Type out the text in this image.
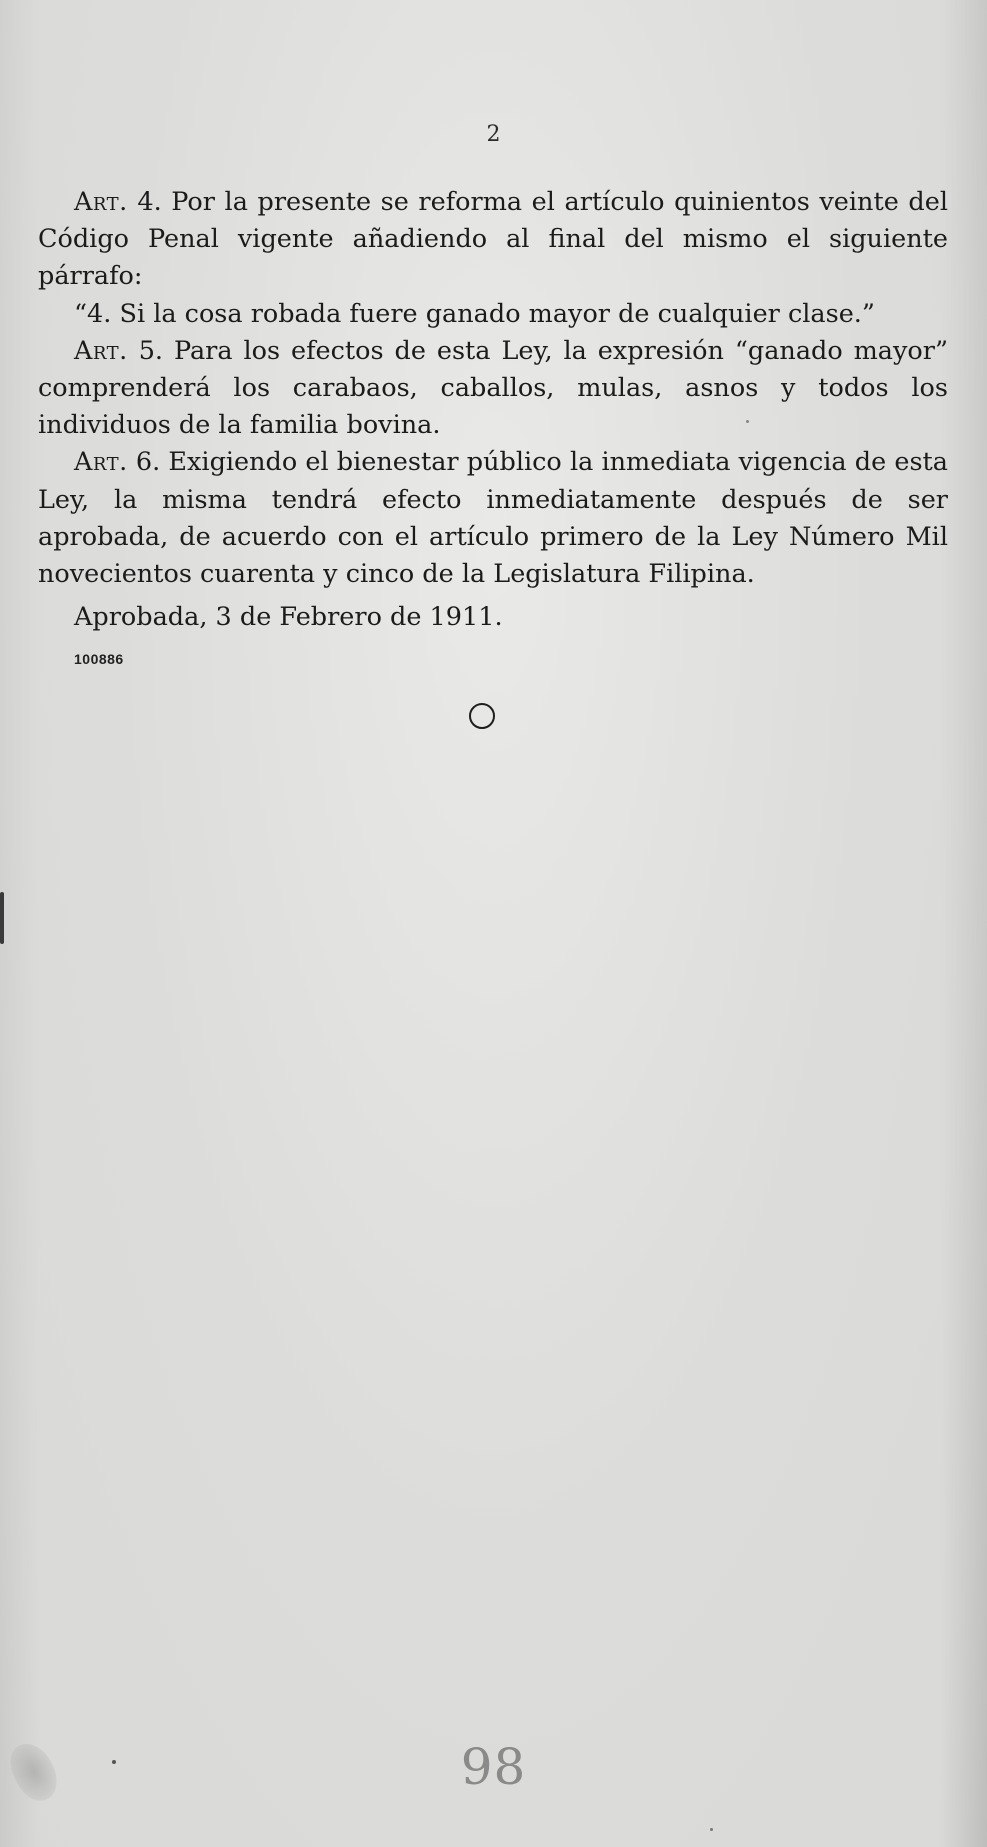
2

Art. 4. Por la presente se reforma el artículo quinientos veinte del Código Penal vigente añadiendo al final del mismo el siguiente párrafo:

“4. Si la cosa robada fuere ganado mayor de cualquier clase.”

Art. 5. Para los efectos de esta Ley, la expresión “ganado mayor” comprenderá los carabaos, caballos, mulas, asnos y todos los individuos de la familia bovina.

Art. 6. Exigiendo el bienestar público la inmediata vigencia de esta Ley, la misma tendrá efecto inmediatamente después de ser aprobada, de acuerdo con el artículo primero de la Ley Número Mil novecientos cuarenta y cinco de la Legislatura Filipina.

Aprobada, 3 de Febrero de 1911.

100886
98
